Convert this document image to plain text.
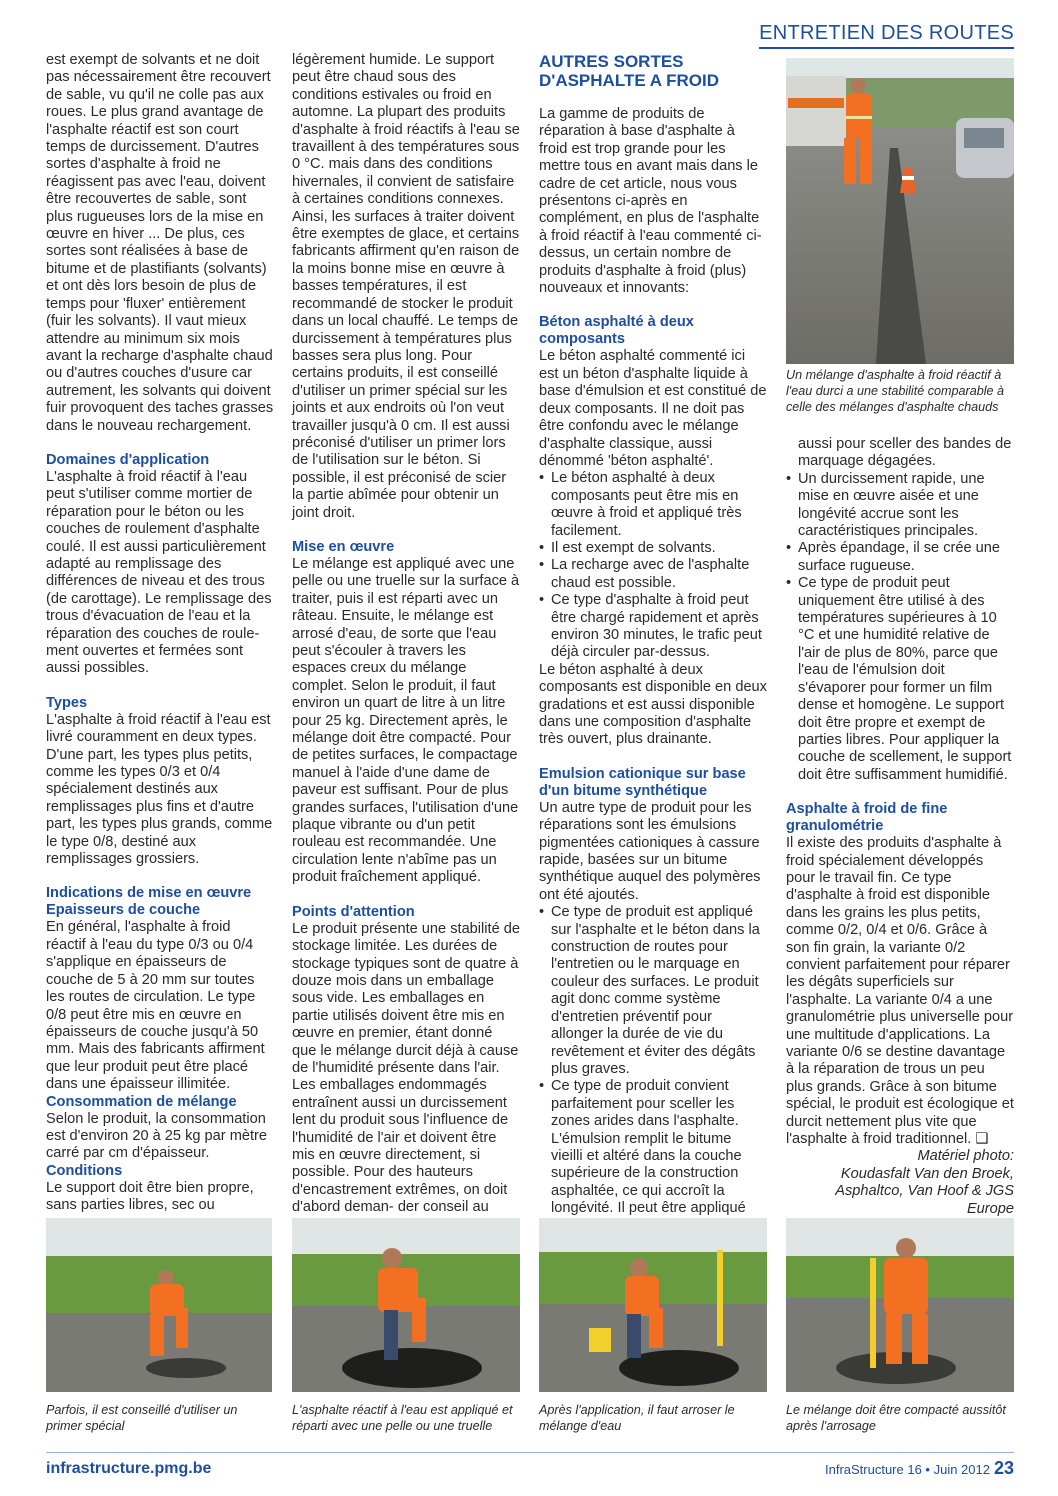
ENTRETIEN DES ROUTES

est exempt de solvants et ne doit pas nécessairement être recouvert de sable, vu qu'il ne colle pas aux roues. Le plus grand avantage de l'asphalte réactif est son court temps de durcissement. D'autres sortes d'asphalte à froid ne réagissent pas avec l'eau, doivent être recouvertes de sable, sont plus rugueuses lors de la mise en œuvre en hiver ... De plus, ces sortes sont réalisées à base de bitume et de plastifiants (solvants) et ont dès lors besoin de plus de temps pour 'fluxer' entièrement (fuir les solvants). Il vaut mieux attendre au minimum six mois avant la recharge d'asphalte chaud ou d'autres couches d'usure car autrement, les solvants qui doivent fuir provoquent des taches grasses dans le nouveau rechargement.

Domaines d'application

L'asphalte à froid réactif à l'eau peut s'utiliser comme mortier de réparation pour le béton ou les couches de roulement d'asphalte coulé. Il est aussi particulièrement adapté au remplissage des différences de niveau et des trous (de carottage). Le remplissage des trous d'évacuation de l'eau et la réparation des couches de roule- ment ouvertes et fermées sont aussi possibles.

Types

L'asphalte à froid réactif à l'eau est livré couramment en deux types. D'une part, les types plus petits, comme les types 0/3 et 0/4 spécialement destinés aux remplissages plus fins et d'autre part, les types plus grands, comme le type 0/8, destiné aux remplissages grossiers.

Indications de mise en œuvre
Epaisseurs de couche

En général, l'asphalte à froid réactif à l'eau du type 0/3 ou 0/4 s'applique en épaisseurs de couche de 5 à 20 mm sur toutes les routes de circulation. Le type 0/8 peut être mis en œuvre en épaisseurs de couche jusqu'à 50 mm. Mais des fabricants affirment que leur produit peut être placé dans une épaisseur illimitée.

Consommation de mélange

Selon le produit, la consommation est d'environ 20 à 25 kg par mètre carré par cm d'épaisseur.

Conditions

Le support doit être bien propre, sans parties libres, sec ou

légèrement humide. Le support peut être chaud sous des conditions estivales ou froid en automne. La plupart des produits d'asphalte à froid réactifs à l'eau se travaillent à des températures sous 0 °C. mais dans des conditions hivernales, il convient de satisfaire à certaines conditions connexes. Ainsi, les surfaces à traiter doivent être exemptes de glace, et certains fabricants affirment qu'en raison de la moins bonne mise en œuvre à basses températures, il est recommandé de stocker le produit dans un local chauffé. Le temps de durcissement à températures plus basses sera plus long. Pour certains produits, il est conseillé d'utiliser un primer spécial sur les joints et aux endroits où l'on veut travailler jusqu'à 0 cm. Il est aussi préconisé d'utiliser un primer lors de l'utilisation sur le béton. Si possible, il est préconisé de scier la partie abîmée pour obtenir un joint droit.

Mise en œuvre

Le mélange est appliqué avec une pelle ou une truelle sur la surface à traiter, puis il est réparti avec un râteau. Ensuite, le mélange est arrosé d'eau, de sorte que l'eau peut s'écouler à travers les espaces creux du mélange complet. Selon le produit, il faut environ un quart de litre à un litre pour 25 kg. Directement après, le mélange doit être compacté. Pour de petites surfaces, le compactage manuel à l'aide d'une dame de paveur est suffisant. Pour de plus grandes surfaces, l'utilisation d'une plaque vibrante ou d'un petit rouleau est recommandée. Une circulation lente n'abîme pas un produit fraîchement appliqué.

Points d'attention

Le produit présente une stabilité de stockage limitée. Les durées de stockage typiques sont de quatre à douze mois dans un emballage sous vide. Les emballages en partie utilisés doivent être mis en œuvre en premier, étant donné que le mélange durcit déjà à cause de l'humidité présente dans l'air.

Les emballages endommagés entraînent aussi un durcissement lent du produit sous l'influence de l'humidité de l'air et doivent être mis en œuvre directement, si possible. Pour des hauteurs d'encastrement extrêmes, on doit d'abord deman- der conseil au

AUTRES SORTES D'ASPHALTE A FROID

La gamme de produits de réparation à base d'asphalte à froid est trop grande pour les mettre tous en avant mais dans le cadre de cet article, nous vous présentons ci-après en complément, en plus de l'asphalte à froid réactif à l'eau commenté ci-dessus, un certain nombre de produits d'asphalte à froid (plus) nouveaux et innovants:

Béton asphalté à deux composants

Le béton asphalté commenté ici est un béton d'asphalte liquide à base d'émulsion et est constitué de deux composants. Il ne doit pas être confondu avec le mélange d'asphalte classique, aussi dénommé 'béton asphalté'.

• Le béton asphalté à deux composants peut être mis en œuvre à froid et appliqué très facilement.
• Il est exempt de solvants.
• La recharge avec de l'asphalte chaud est possible.
• Ce type d'asphalte à froid peut être chargé rapidement et après environ 30 minutes, le trafic peut déjà circuler par-dessus.

Le béton asphalté à deux composants est disponible en deux gradations et est aussi disponible dans une composition d'asphalte très ouvert, plus drainante.

Emulsion cationique sur base d'un bitume synthétique

Un autre type de produit pour les réparations sont les émulsions pigmentées cationiques à cassure rapide, basées sur un bitume synthétique auquel des polymères ont été ajoutés.

• Ce type de produit est appliqué sur l'asphalte et le béton dans la construction de routes pour l'entretien ou le marquage en couleur des surfaces. Le produit agit donc comme système d'entretien préventif pour allonger la durée de vie du revêtement et éviter des dégâts plus graves.
• Ce type de produit convient parfaitement pour sceller les zones arides dans l'asphalte. L'émulsion remplit le bitume vieilli et altéré dans la couche supérieure de la construction asphaltée, ce qui accroît la longévité. Il peut être appliqué
Un mélange d'asphalte à froid réactif à l'eau durci a une stabilité comparable à celle des mélanges d'asphalte chauds

aussi pour sceller des bandes de marquage dégagées.

• Un durcissement rapide, une mise en œuvre aisée et une longévité accrue sont les caractéristiques principales.
• Après épandage, il se crée une surface rugueuse.
• Ce type de produit peut uniquement être utilisé à des températures supérieures à 10 °C et une humidité relative de l'air de plus de 80%, parce que l'eau de l'émulsion doit s'évaporer pour former un film dense et homogène. Le support doit être propre et exempt de parties libres. Pour appliquer la couche de scellement, le support doit être suffisamment humidifié.
Asphalte à froid de fine granulométrie

Il existe des produits d'asphalte à froid spécialement développés pour le travail fin. Ce type d'asphalte à froid est disponible dans les grains les plus petits, comme 0/2, 0/4 et 0/6. Grâce à son fin grain, la variante 0/2 convient parfaitement pour réparer les dégâts superficiels sur l'asphalte. La variante 0/4 a une granulométrie plus universelle pour une multitude d'applications. La variante 0/6 se destine davantage à la réparation de trous un peu plus grands. Grâce à son bitume spécial, le produit est écologique et durcit nettement plus vite que l'asphalte à froid traditionnel. ❑

Matériel photo:

Koudasfalt Van den Broek,

Asphaltco, Van Hoof & JGS Europe

Parfois, il est conseillé d'utiliser un primer spécial
L'asphalte réactif à l'eau est appliqué et réparti avec une pelle ou une truelle
Après l'application, il faut arroser le mélange d'eau
Le mélange doit être compacté aussitôt après l'arrosage
infrastructure.pmg.be	InfraStructure 16 • Juin 2012 23
